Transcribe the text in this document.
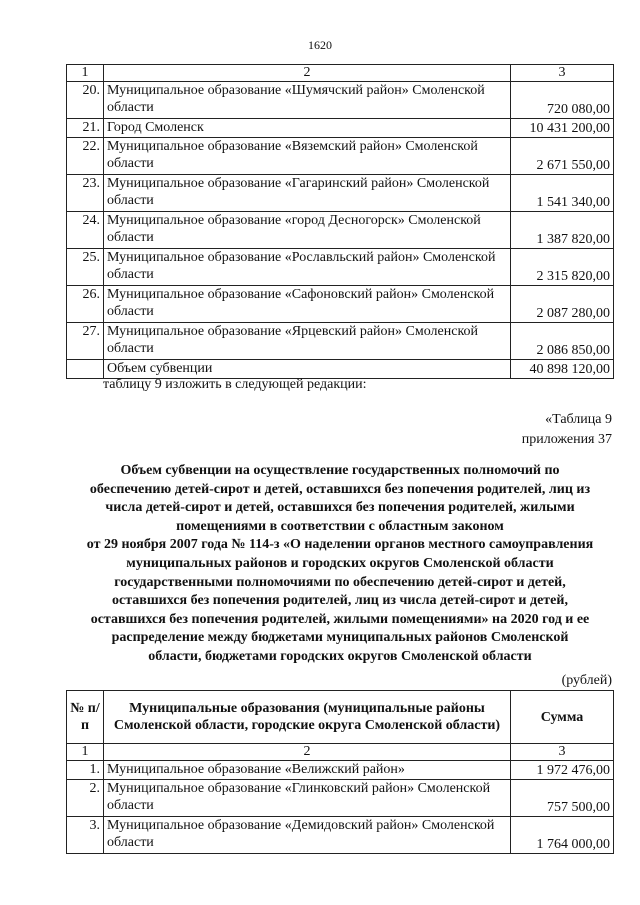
1620
1	2	3
20.	Муниципальное образование «Шумячский район» Смоленской области	720 080,00
21.	Город Смоленск	10 431 200,00
22.	Муниципальное образование «Вяземский район» Смоленской области	2 671 550,00
23.	Муниципальное образование «Гагаринский район» Смоленской области	1 541 340,00
24.	Муниципальное образование «город Десногорск» Смоленской области	1 387 820,00
25.	Муниципальное образование «Рославльский район» Смоленской области	2 315 820,00
26.	Муниципальное образование «Сафоновский район» Смоленской области	2 087 280,00
27.	Муниципальное образование «Ярцевский район» Смоленской области	2 086 850,00
	Объем субвенции	40 898 120,00
таблицу 9 изложить в следующей редакции:
«Таблица 9
приложения 37
Объем субвенции на осуществление государственных полномочий по
обеспечению детей-сирот и детей, оставшихся без попечения родителей, лиц из
числа детей-сирот и детей, оставшихся без попечения родителей, жилыми
помещениями в соответствии с областным законом
от 29 ноября 2007 года № 114-з «О наделении органов местного самоуправления
муниципальных районов и городских округов Смоленской области
государственными полномочиями по обеспечению детей-сирот и детей,
оставшихся без попечения родителей, лиц из числа детей-сирот и детей,
оставшихся без попечения родителей, жилыми помещениями» на 2020 год и ее
распределение между бюджетами муниципальных районов Смоленской
области, бюджетами городских округов Смоленской области
(рублей)
№ п/п	Муниципальные образования (муниципальные районы Смоленской области, городские округа Смоленской области)	Сумма
1	2	3
1.	Муниципальное образование «Велижский район»	1 972 476,00
2.	Муниципальное образование «Глинковский район» Смоленской области	757 500,00
3.	Муниципальное образование «Демидовский район» Смоленской области	1 764 000,00
